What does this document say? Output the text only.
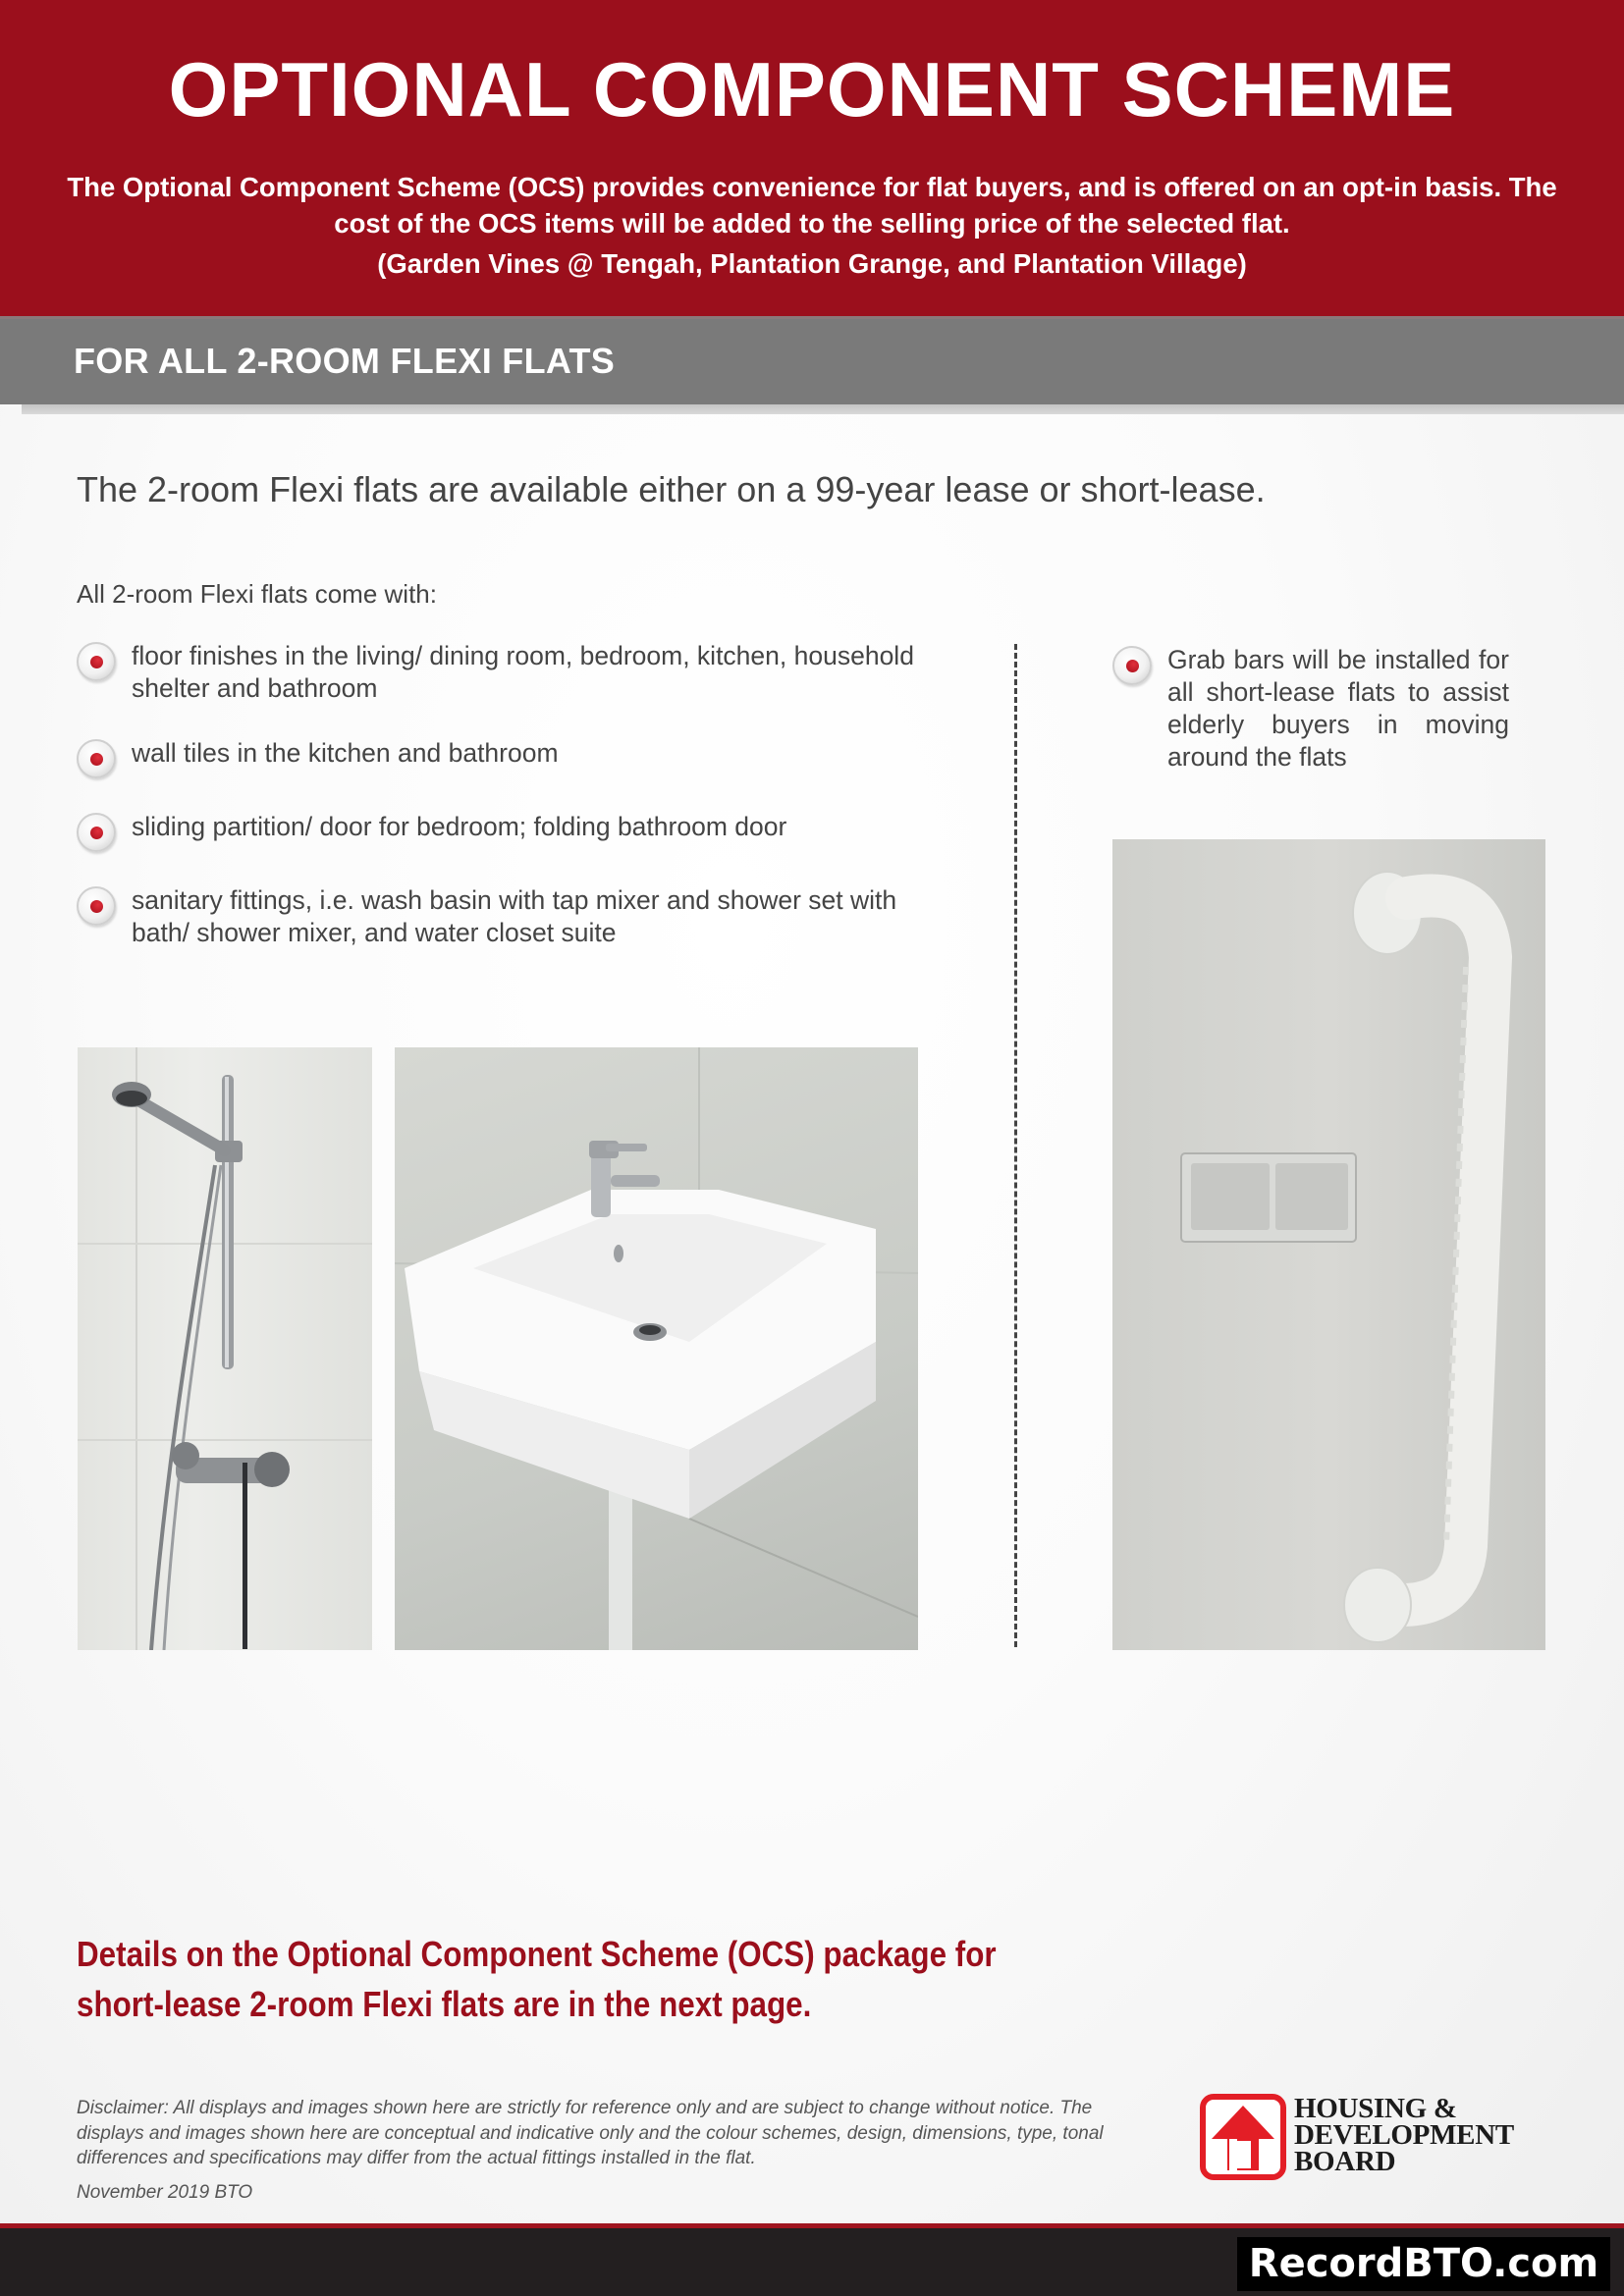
OPTIONAL COMPONENT SCHEME

The Optional Component Scheme (OCS) provides convenience for flat buyers, and is offered on an opt-in basis. The cost of the OCS items will be added to the selling price of the selected flat.

(Garden Vines @ Tengah, Plantation Grange, and Plantation Village)

FOR ALL 2-ROOM FLEXI FLATS

The 2-room Flexi flats are available either on a 99-year lease or short-lease.

All 2-room Flexi flats come with:

floor finishes in the living/ dining room, bedroom, kitchen, household shelter and bathroom
wall tiles in the kitchen and bathroom
sliding partition/ door for bedroom; folding bathroom door
sanitary fittings, i.e. wash basin with tap mixer and shower set with bath/ shower mixer, and water closet suite
Grab bars will be installed for all short-lease flats to assist elderly buyers in moving around the flats
Details on the Optional Component Scheme (OCS) package for
short-lease 2-room Flexi flats are in the next page.

Disclaimer: All displays and images shown here are strictly for reference only and are subject to change without notice. The displays and images shown here are conceptual and indicative only and the colour schemes, design, dimensions, type, tonal differences and specifications may differ from the actual fittings installed in the flat.

November 2019 BTO

HOUSING &
DEVELOPMENT
BOARD
RecordBTO.com
